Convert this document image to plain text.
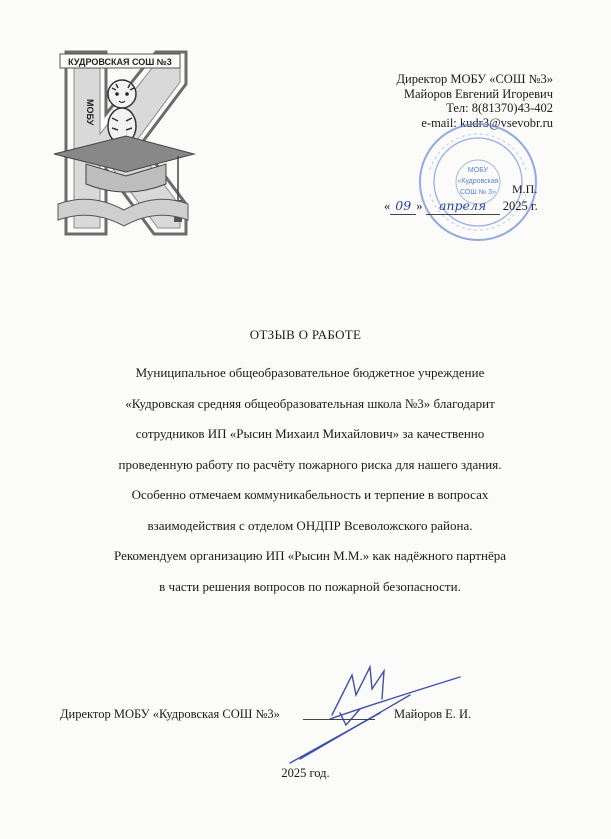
КУДРОВСКАЯ СОШ №3
МОБУ
Директор МОБУ «СОШ №3»
Майоров Евгений Игоревич
Тел: 8(81370)43-402
e-mail: kudr3@vsevobr.ru
МОБУ
«Кудровская
СОШ № 3» М.П.
« 09 » апреля 2025 г.
ОТЗЫВ О РАБОТЕ
Муниципальное общеобразовательное бюджетное учреждение
«Кудровская средняя общеобразовательная школа №3» благодарит
сотрудников ИП «Рысин Михаил Михайлович» за качественно
проведенную работу по расчёту пожарного риска для нашего здания.
Особенно отмечаем коммуникабельность и терпение в вопросах
взаимодействия с отделом ОНДПР Всеволожского района.
Рекомендуем организацию ИП «Рысин М.М.» как надёжного партнёра
в части решения вопросов по пожарной безопасности.
Директор МОБУ «Кудровская СОШ №3»	Майоров Е. И.
2025 год.
